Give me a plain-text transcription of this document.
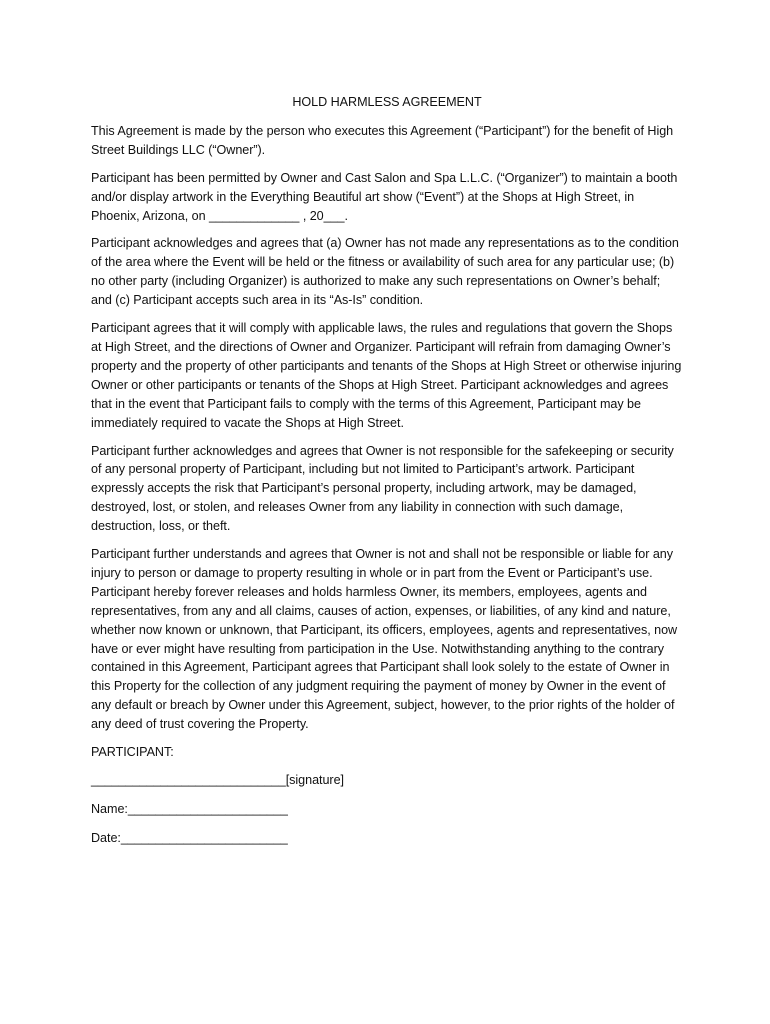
HOLD HARMLESS AGREEMENT

This Agreement is made by the person who executes this Agreement (“Participant”) for the benefit of High Street Buildings LLC (“Owner”).

Participant has been permitted by Owner and Cast Salon and Spa L.L.C. (“Organizer”) to maintain a booth and/or display artwork in the Everything Beautiful art show (“Event”) at the Shops at High Street, in Phoenix, Arizona, on _____________ , 20___.

Participant acknowledges and agrees that (a) Owner has not made any representations as to the condition of the area where the Event will be held or the fitness or availability of such area for any particular use; (b) no other party (including Organizer) is authorized to make any such representations on Owner’s behalf; and (c) Participant accepts such area in its “As-Is” condition.

Participant agrees that it will comply with applicable laws, the rules and regulations that govern the Shops at High Street, and the directions of Owner and Organizer. Participant will refrain from damaging Owner’s property and the property of other participants and tenants of the Shops at High Street or otherwise injuring Owner or other participants or tenants of the Shops at High Street. Participant acknowledges and agrees that in the event that Participant fails to comply with the terms of this Agreement, Participant may be immediately required to vacate the Shops at High Street.

Participant further acknowledges and agrees that Owner is not responsible for the safekeeping or security of any personal property of Participant, including but not limited to Participant’s artwork. Participant expressly accepts the risk that Participant’s personal property, including artwork, may be damaged, destroyed, lost, or stolen, and releases Owner from any liability in connection with such damage, destruction, loss, or theft.

Participant further understands and agrees that Owner is not and shall not be responsible or liable for any injury to person or damage to property resulting in whole or in part from the Event or Participant’s use. Participant hereby forever releases and holds harmless Owner, its members, employees, agents and representatives, from any and all claims, causes of action, expenses, or liabilities, of any kind and nature, whether now known or unknown, that Participant, its officers, employees, agents and representatives, now have or ever might have resulting from participation in the Use. Notwithstanding anything to the contrary contained in this Agreement, Participant agrees that Participant shall look solely to the estate of Owner in this Property for the collection of any judgment requiring the payment of money by Owner in the event of any default or breach by Owner under this Agreement, subject, however, to the prior rights of the holder of any deed of trust covering the Property.

PARTICIPANT:
____________________________[signature]
Name:_______________________
Date:________________________
